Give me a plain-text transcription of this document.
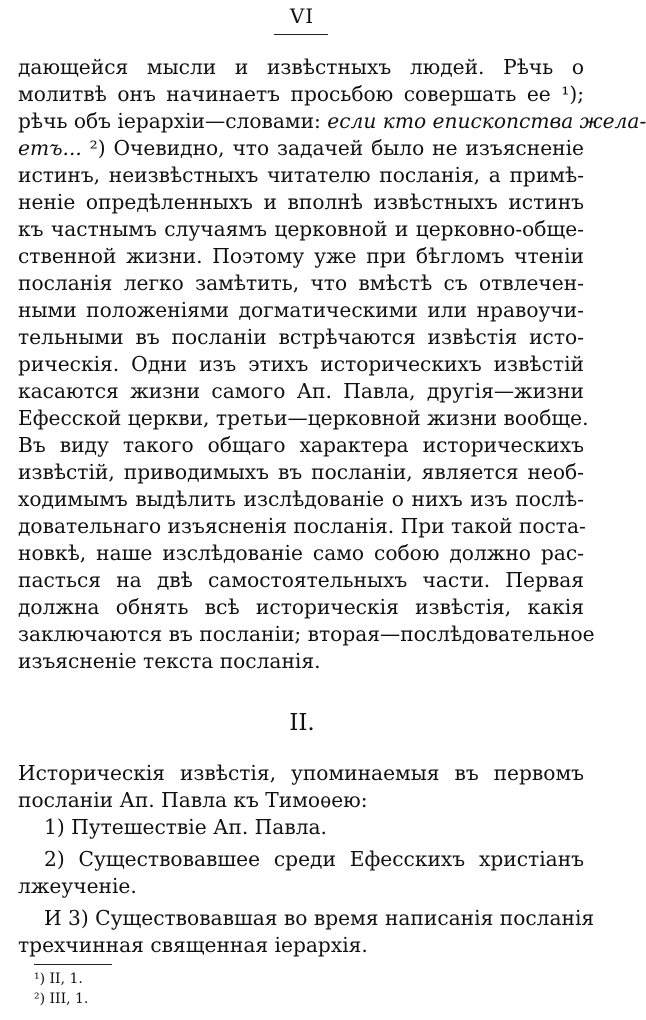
VI
дающейся мысли и извѣстныхъ людей. Рѣчь о
молитвѣ онъ начинаетъ просьбою совершать ее ¹);
рѣчь объ іерархіи—словами: если кто епископства жела-
етъ... ²) Очевидно, что задачей было не изъясненіе
истинъ, неизвѣстныхъ читателю посланія, а примѣ-
неніе опредѣленныхъ и вполнѣ извѣстныхъ истинъ
къ частнымъ случаямъ церковной и церковно-обще-
ственной жизни. Поэтому уже при бѣгломъ чтеніи
посланія легко замѣтить, что вмѣстѣ съ отвлечен-
ными положеніями догматическими или нравоучи-
тельными въ посланіи встрѣчаются извѣстія исто-
рическія. Одни изъ этихъ историческихъ извѣстій
касаются жизни самого Ап. Павла, другія—жизни
Ефесской церкви, третьи—церковной жизни вообще.
Въ виду такого общаго характера историческихъ
извѣстій, приводимыхъ въ посланіи, является необ-
ходимымъ выдѣлить изслѣдованіе о нихъ изъ послѣ-
довательнаго изъясненія посланія. При такой поста-
новкѣ, наше изслѣдованіе само собою должно рас-
пасться на двѣ самостоятельныхъ части. Первая
должна обнять всѣ историческія извѣстія, какія
заключаются въ посланіи; вторая—послѣдовательное
изъясненіе текста посланія.
II.
Историческія извѣстія, упоминаемыя въ первомъ
посланіи Ап. Павла къ Тимоѳею:
1) Путешествіе Ап. Павла.
2) Существовавшее среди Ефесскихъ христіанъ
лжеученіе.
И 3) Существовавшая во время написанія посланія
трехчинная священная іерархія.
¹) II, 1.
²) III, 1.
